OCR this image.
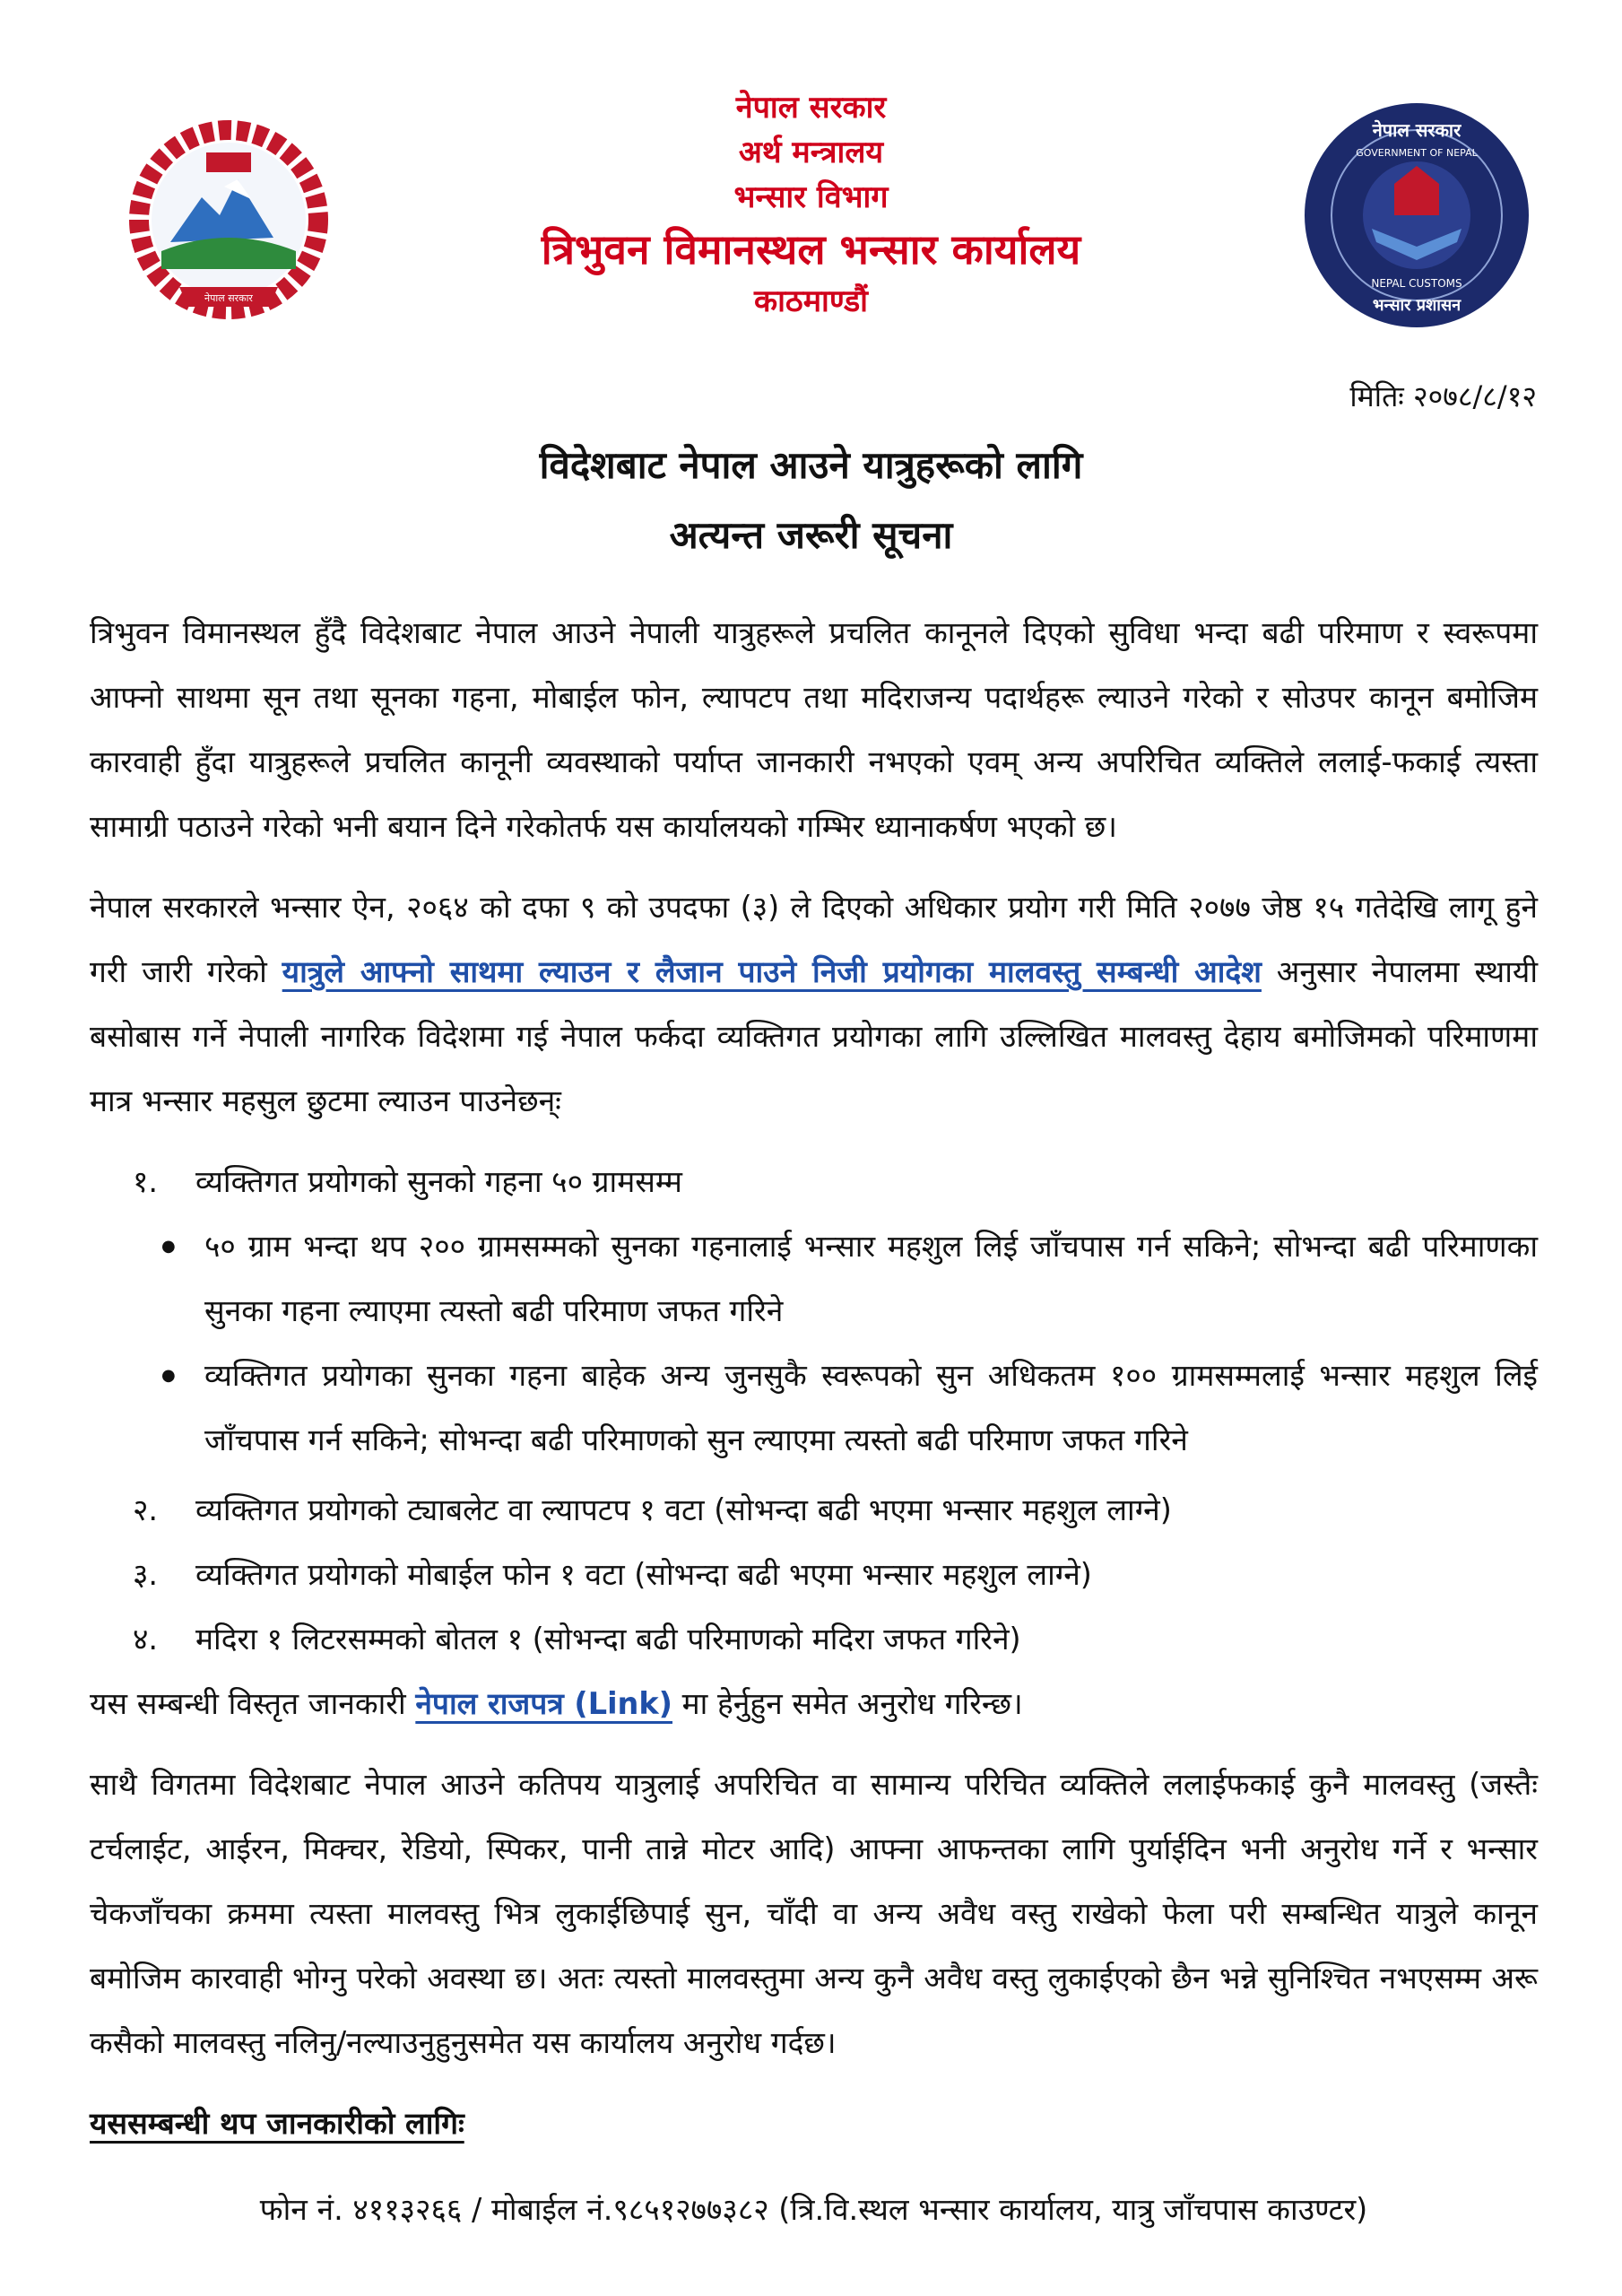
नेपाल सरकार
नेपाल सरकार
अर्थ मन्त्रालय
भन्सार विभाग
त्रिभुवन विमानस्थल भन्सार कार्यालय
काठमाण्डौं
नेपाल सरकार
GOVERNMENT OF NEPAL
NEPAL CUSTOMS
भन्सार प्रशासन
मितिः २०७८/८/१२
विदेशबाट नेपाल आउने यात्रुहरूको लागि
अत्यन्त जरूरी सूचना

त्रिभुवन विमानस्थल हुँदै विदेशबाट नेपाल आउने नेपाली यात्रुहरूले प्रचलित कानूनले दिएको सुविधा भन्दा बढी परिमाण र स्वरूपमा आफ्नो साथमा सून तथा सूनका गहना, मोबाईल फोन, ल्यापटप तथा मदिराजन्य पदार्थहरू ल्याउने गरेको र सोउपर कानून बमोजिम कारवाही हुँदा यात्रुहरूले प्रचलित कानूनी व्यवस्थाको पर्याप्त जानकारी नभएको एवम् अन्य अपरिचित व्यक्तिले ललाई-फकाई त्यस्ता सामाग्री पठाउने गरेको भनी बयान दिने गरेकोतर्फ यस कार्यालयको गम्भिर ध्यानाकर्षण भएको छ।

नेपाल सरकारले भन्सार ऐन, २०६४ को दफा ९ को उपदफा (३) ले दिएको अधिकार प्रयोग गरी मिति २०७७ जेष्ठ १५ गतेदेखि लागू हुने गरी जारी गरेको यात्रुले आफ्नो साथमा ल्याउन र लैजान पाउने निजी प्रयोगका मालवस्तु सम्बन्धी आदेश अनुसार नेपालमा स्थायी बसोबास गर्ने नेपाली नागरिक विदेशमा गई नेपाल फर्कदा व्यक्तिगत प्रयोगका लागि उल्लिखित मालवस्तु देहाय बमोजिमको परिमाणमा मात्र भन्सार महसुल छुटमा ल्याउन पाउनेछन्ः

१. व्यक्तिगत प्रयोगको सुनको गहना ५० ग्रामसम्म
● ५० ग्राम भन्दा थप २०० ग्रामसम्मको सुनका गहनालाई भन्सार महशुल लिई जाँचपास गर्न सकिने; सोभन्दा बढी परिमाणका सुनका गहना ल्याएमा त्यस्तो बढी परिमाण जफत गरिने
● व्यक्तिगत प्रयोगका सुनका गहना बाहेक अन्य जुनसुकै स्वरूपको सुन अधिकतम १०० ग्रामसम्मलाई भन्सार महशुल लिई जाँचपास गर्न सकिने; सोभन्दा बढी परिमाणको सुन ल्याएमा त्यस्तो बढी परिमाण जफत गरिने
२. व्यक्तिगत प्रयोगको ट्याबलेट वा ल्यापटप १ वटा (सोभन्दा बढी भएमा भन्सार महशुल लाग्ने)
३. व्यक्तिगत प्रयोगको मोबाईल फोन १ वटा (सोभन्दा बढी भएमा भन्सार महशुल लाग्ने)
४. मदिरा १ लिटरसम्मको बोतल १ (सोभन्दा बढी परिमाणको मदिरा जफत गरिने)

यस सम्बन्धी विस्तृत जानकारी नेपाल राजपत्र (Link) मा हेर्नुहुन समेत अनुरोध गरिन्छ।

साथै विगतमा विदेशबाट नेपाल आउने कतिपय यात्रुलाई अपरिचित वा सामान्य परिचित व्यक्तिले ललाईफकाई कुनै मालवस्तु (जस्तैः टर्चलाईट, आईरन, मिक्चर, रेडियो, स्पिकर, पानी तान्ने मोटर आदि) आफ्ना आफन्तका लागि पुर्याईदिन भनी अनुरोध गर्ने र भन्सार चेकजाँचका क्रममा त्यस्ता मालवस्तु भित्र लुकाईछिपाई सुन, चाँदी वा अन्य अवैध वस्तु राखेको फेला परी सम्बन्धित यात्रुले कानून बमोजिम कारवाही भोग्नु परेको अवस्था छ। अतः त्यस्तो मालवस्तुमा अन्य कुनै अवैध वस्तु लुकाईएको छैन भन्ने सुनिश्चित नभएसम्म अरू कसैको मालवस्तु नलिनु/नल्याउनुहुनुसमेत यस कार्यालय अनुरोध गर्दछ।

यससम्बन्धी थप जानकारीको लागिः

फोन नं. ४११३२६६ / मोबाईल नं.९८५१२७७३८२ (त्रि.वि.स्थल भन्सार कार्यालय, यात्रु जाँचपास काउण्टर)
